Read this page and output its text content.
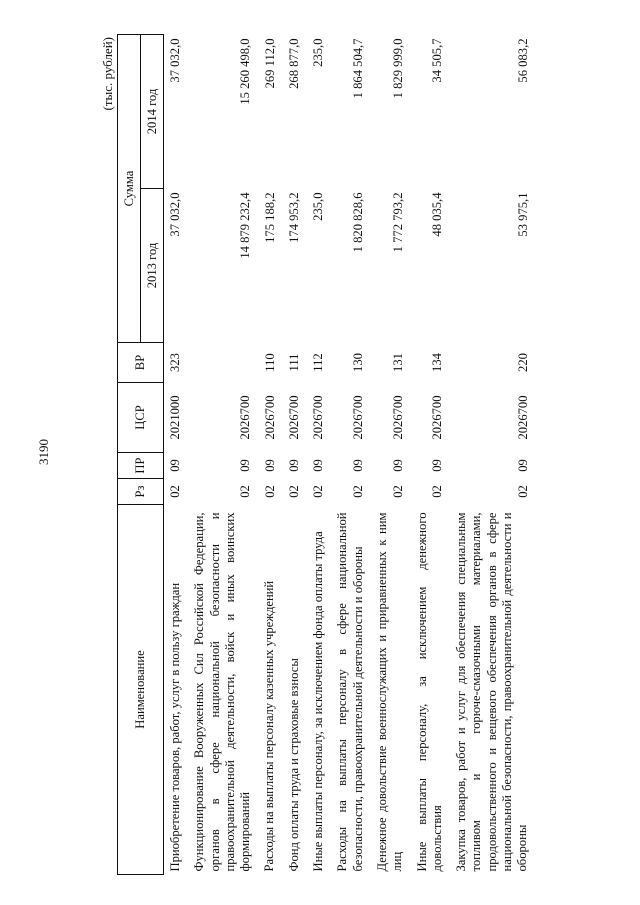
3190
(тыс. рублей)
Наименование	Рз	ПР	ЦСР	ВР	Сумма	
					2013 год	2014 год
Приобретение товаров, работ, услуг в пользу граждан	02	09	2021000	323	37 032,0	37 032,0
Функционирование Вооруженных Сил Российской Федерации, органов в сфере национальной безопасности и правоохранительной деятельности, войск и иных воинских формирований	02	09	2026700		14 879 232,4	15 260 498,0
Расходы на выплаты персоналу казенных учреждений	02	09	2026700	110	175 188,2	269 112,0
Фонд оплаты труда и страховые взносы	02	09	2026700	111	174 953,2	268 877,0
Иные выплаты персоналу, за исключением фонда оплаты труда	02	09	2026700	112	235,0	235,0
Расходы на выплаты персоналу в сфере национальной безопасности, правоохранительной деятельности и обороны	02	09	2026700	130	1 820 828,6	1 864 504,7
Денежное довольствие военнослужащих и приравненных к ним лиц	02	09	2026700	131	1 772 793,2	1 829 999,0
Иные выплаты персоналу, за исключением денежного довольствия	02	09	2026700	134	48 035,4	34 505,7
Закупка товаров, работ и услуг для обеспечения специальным топливом и горюче-смазочными материалами, продовольственного и вещевого обеспечения органов в сфере национальной безопасности, правоохранительной деятельности и обороны	02	09	2026700	220	53 975,1	56 083,2
